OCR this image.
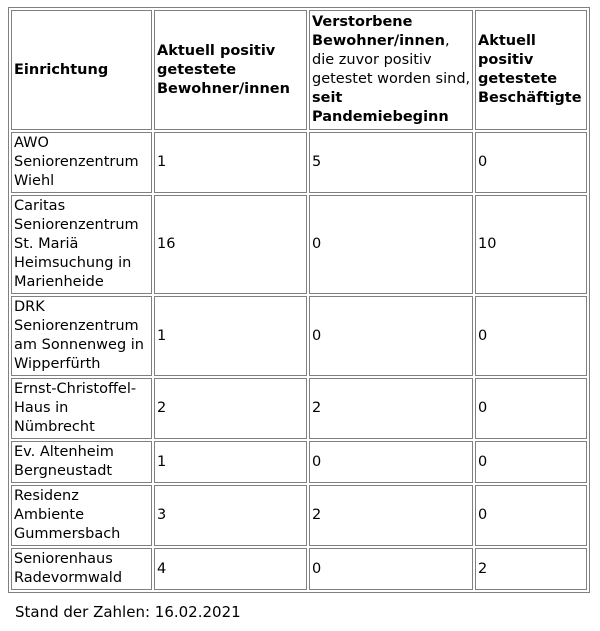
Einrichtung	Aktuell positiv getestete Bewohner/innen	Verstorbene Bewohner/innen, die zuvor positiv getestet worden sind, seit Pandemiebeginn	Aktuell positiv getestete Beschäftigte
AWO Seniorenzentrum Wiehl	1	5	0
Caritas Seniorenzentrum St. Mariä Heimsuchung in Marienheide	16	0	10
DRK Seniorenzentrum am Sonnenweg in Wipperfürth	1	0	0
Ernst-Christoffel-Haus in Nümbrecht	2	2	0
Ev. Altenheim Bergneustadt	1	0	0
Residenz Ambiente Gummersbach	3	2	0
Seniorenhaus Radevormwald	4	0	2
Stand der Zahlen: 16.02.2021
